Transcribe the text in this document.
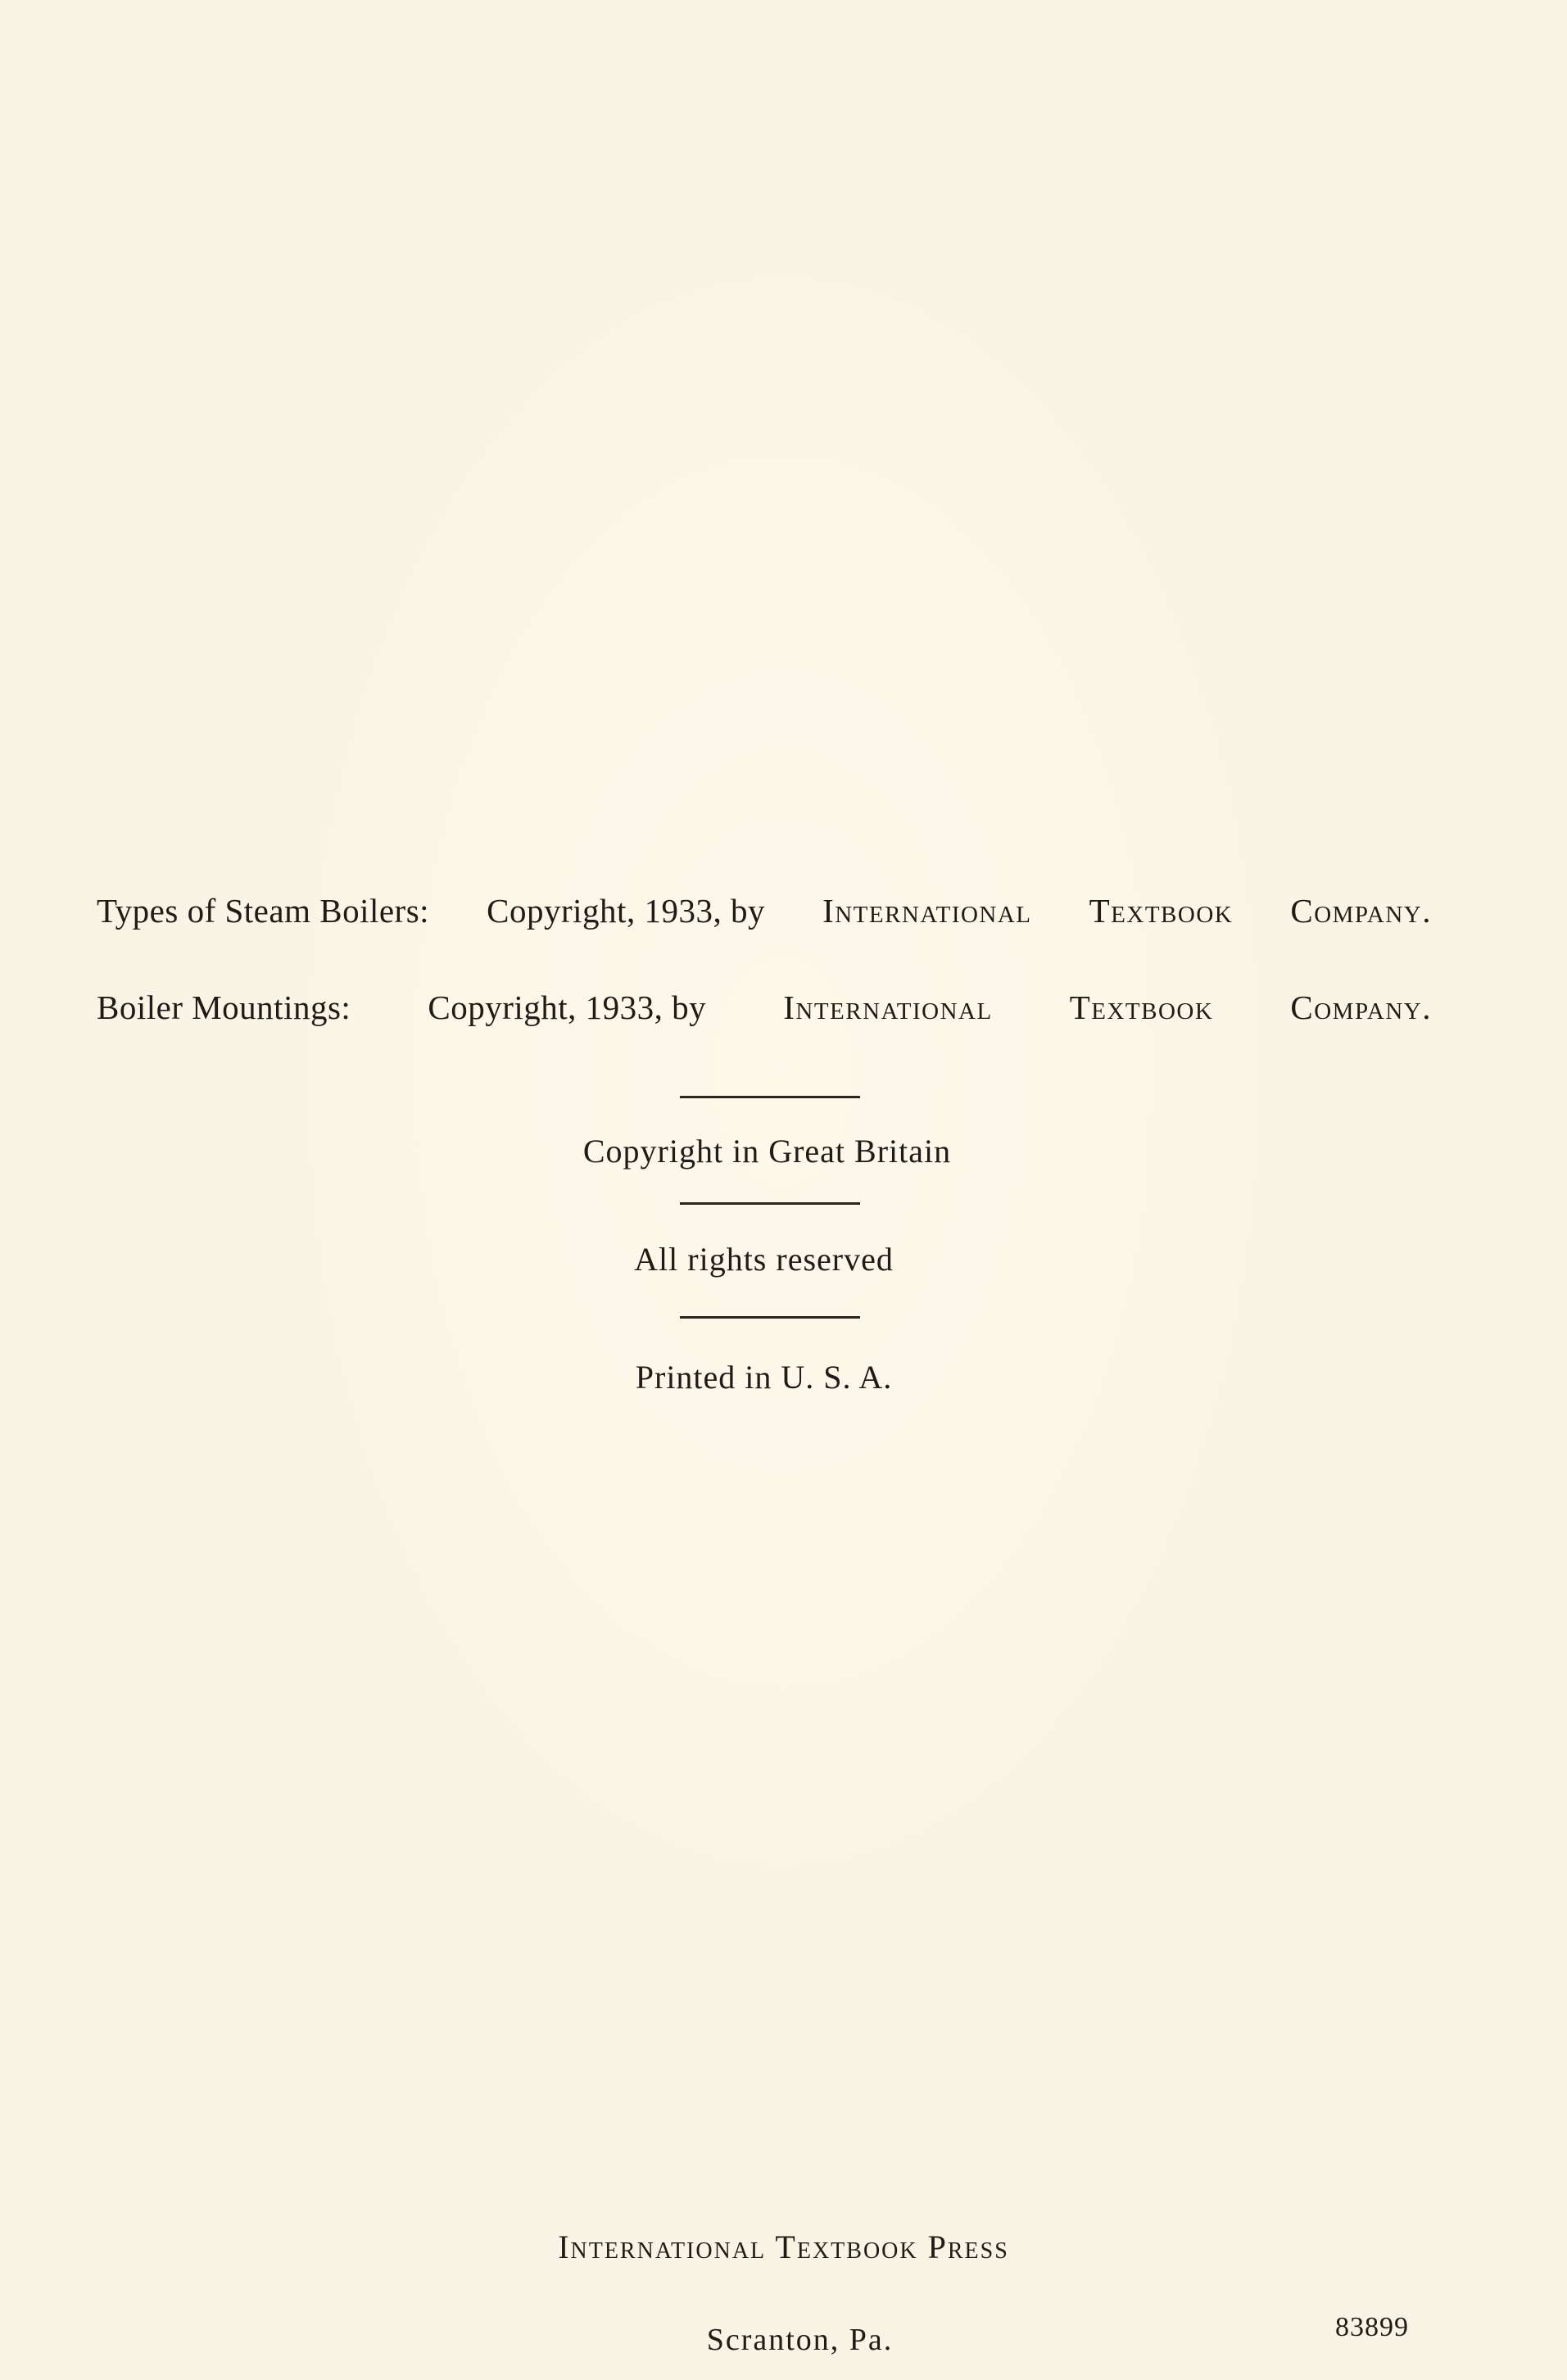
Types of Steam Boilers: Copyright, 1933, by International Textbook Company.
Boiler Mountings: Copyright, 1933, by International Textbook Company.
Copyright in Great Britain
All rights reserved
Printed in U. S. A.
International Textbook Press
Scranton, Pa.	83899
